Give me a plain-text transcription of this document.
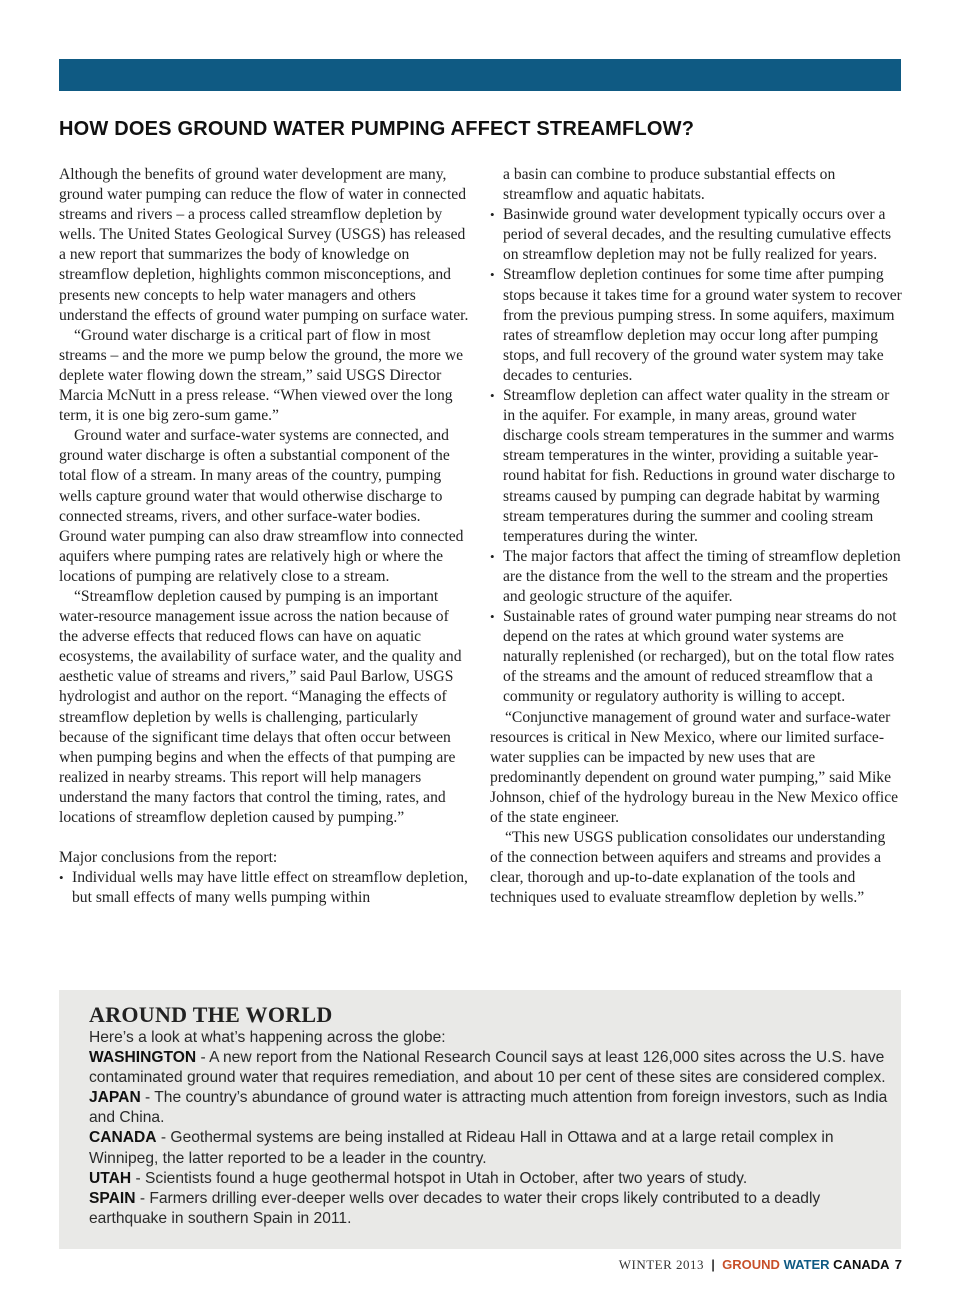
HOW DOES GROUND WATER PUMPING AFFECT STREAMFLOW?

Although the benefits of ground water development are many, ground water pumping can reduce the flow of water in connected streams and rivers – a process called streamflow depletion by wells. The United States Geological Survey (USGS) has released a new report that summarizes the body of knowledge on streamflow depletion, highlights common misconceptions, and presents new concepts to help water managers and others understand the effects of ground water pumping on surface water.

“Ground water discharge is a critical part of flow in most streams – and the more we pump below the ground, the more we deplete water flowing down the stream,” said USGS Director Marcia McNutt in a press release. “When viewed over the long term, it is one big zero-sum game.”

Ground water and surface-water systems are connected, and ground water discharge is often a substantial component of the total flow of a stream. In many areas of the country, pumping wells capture ground water that would otherwise discharge to connected streams, rivers, and other surface-water bodies. Ground water pumping can also draw streamflow into connected aquifers where pumping rates are relatively high or where the locations of pumping are relatively close to a stream.

“Streamflow depletion caused by pumping is an important water-resource management issue across the nation because of the adverse effects that reduced flows can have on aquatic ecosystems, the availability of surface water, and the quality and aesthetic value of streams and rivers,” said Paul Barlow, USGS hydrologist and author on the report. “Managing the effects of streamflow depletion by wells is challenging, particularly because of the significant time delays that often occur between when pumping begins and when the effects of that pumping are realized in nearby streams. This report will help managers understand the many factors that control the timing, rates, and locations of streamflow depletion caused by pumping.”

Major conclusions from the report:

• Individual wells may have little effect on streamflow depletion, but small effects of many wells pumping within

a basin can combine to produce substantial effects on streamflow and aquatic habitats.

• Basinwide ground water development typically occurs over a period of several decades, and the resulting cumulative effects on streamflow depletion may not be fully realized for years.
• Streamflow depletion continues for some time after pumping stops because it takes time for a ground water system to recover from the previous pumping stress. In some aquifers, maximum rates of streamflow depletion may occur long after pumping stops, and full recovery of the ground water system may take decades to centuries.
• Streamflow depletion can affect water quality in the stream or in the aquifer. For example, in many areas, ground water discharge cools stream temperatures in the summer and warms stream temperatures in the winter, providing a suitable year-round habitat for fish. Reductions in ground water discharge to streams caused by pumping can degrade habitat by warming stream temperatures during the summer and cooling stream temperatures during the winter.
• The major factors that affect the timing of streamflow depletion are the distance from the well to the stream and the properties and geologic structure of the aquifer.
• Sustainable rates of ground water pumping near streams do not depend on the rates at which ground water systems are naturally replenished (or recharged), but on the total flow rates of the streams and the amount of reduced streamflow that a community or regulatory authority is willing to accept.

“Conjunctive management of ground water and surface-water resources is critical in New Mexico, where our limited surface-water supplies can be impacted by new uses that are predominantly dependent on ground water pumping,” said Mike Johnson, chief of the hydrology bureau in the New Mexico office of the state engineer.

“This new USGS publication consolidates our understanding of the connection between aquifers and streams and provides a clear, thorough and up-to-date explanation of the tools and techniques used to evaluate streamflow depletion by wells.”

AROUND THE WORLD

Here’s a look at what’s happening across the globe:

WASHINGTON - A new report from the National Research Council says at least 126,000 sites across the U.S. have contaminated ground water that requires remediation, and about 10 per cent of these sites are considered complex.

JAPAN - The country’s abundance of ground water is attracting much attention from foreign investors, such as India and China.

CANADA - Geothermal systems are being installed at Rideau Hall in Ottawa and at a large retail complex in Winnipeg, the latter reported to be a leader in the country.

UTAH - Scientists found a huge geothermal hotspot in Utah in October, after two years of study.

SPAIN - Farmers drilling ever-deeper wells over decades to water their crops likely contributed to a deadly earthquake in southern Spain in 2011.

WINTER 2013 | GROUND WATER CANADA 7
